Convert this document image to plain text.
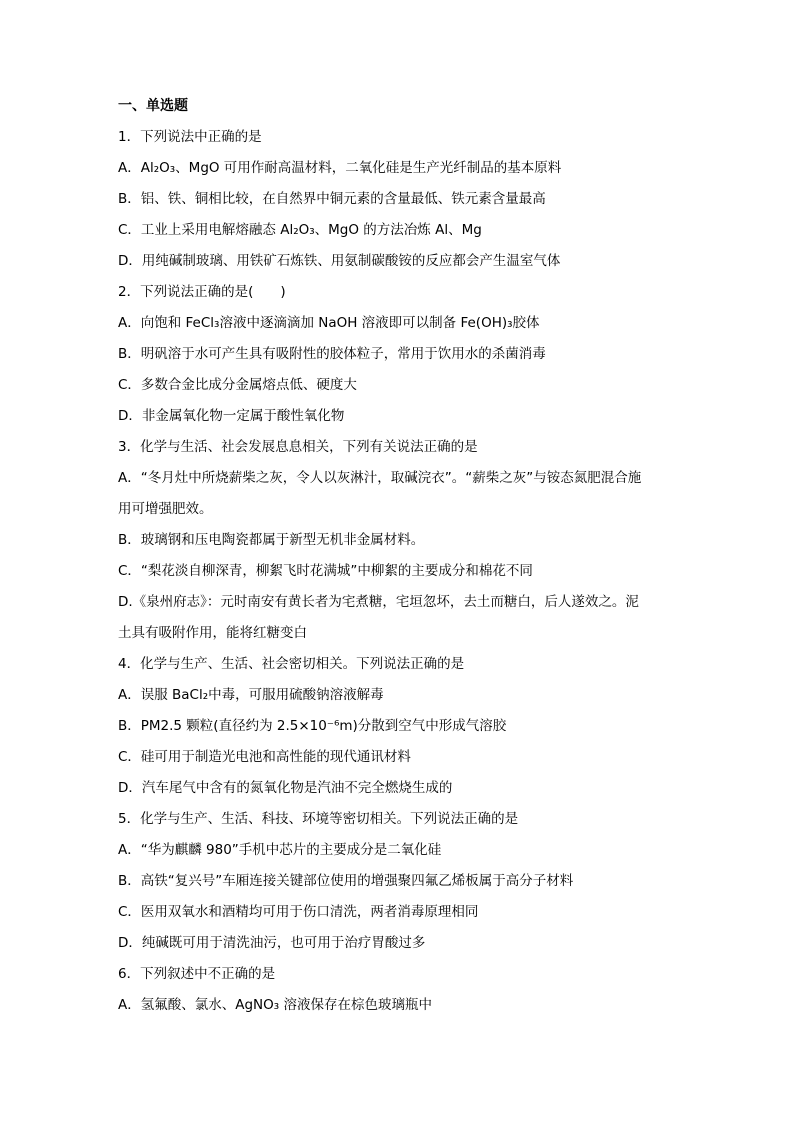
一、单选题
1．下列说法中正确的是
A．Al₂O₃、MgO 可用作耐高温材料，二氧化硅是生产光纤制品的基本原料
B．铝、铁、铜相比较，在自然界中铜元素的含量最低、铁元素含量最高
C．工业上采用电解熔融态 Al₂O₃、MgO 的方法冶炼 Al、Mg
D．用纯碱制玻璃、用铁矿石炼铁、用氨制碳酸铵的反应都会产生温室气体
2．下列说法正确的是(　　)
A．向饱和 FeCl₃溶液中逐滴滴加 NaOH 溶液即可以制备 Fe(OH)₃胶体
B．明矾溶于水可产生具有吸附性的胶体粒子，常用于饮用水的杀菌消毒
C．多数合金比成分金属熔点低、硬度大
D．非金属氧化物一定属于酸性氧化物
3．化学与生活、社会发展息息相关，下列有关说法正确的是
A．“冬月灶中所烧薪柴之灰，令人以灰淋汁，取碱浣衣”。“薪柴之灰”与铵态氮肥混合施
用可增强肥效。
B．玻璃钢和压电陶瓷都属于新型无机非金属材料。
C．“梨花淡自柳深青，柳絮飞时花满城”中柳絮的主要成分和棉花不同
D.《泉州府志》：元时南安有黄长者为宅煮糖，宅垣忽坏，去土而糖白，后人遂效之。泥
土具有吸附作用，能将红糖变白
4．化学与生产、生活、社会密切相关。下列说法正确的是
A．误服 BaCl₂中毒，可服用硫酸钠溶液解毒
B．PM2.5 颗粒(直径约为 2.5×10⁻⁶m)分散到空气中形成气溶胶
C．硅可用于制造光电池和高性能的现代通讯材料
D．汽车尾气中含有的氮氧化物是汽油不完全燃烧生成的
5．化学与生产、生活、科技、环境等密切相关。下列说法正确的是
A．“华为麒麟 980”手机中芯片的主要成分是二氧化硅
B．高铁“复兴号”车厢连接关键部位使用的增强聚四氟乙烯板属于高分子材料
C．医用双氧水和酒精均可用于伤口清洗，两者消毒原理相同
D．纯碱既可用于清洗油污，也可用于治疗胃酸过多
6．下列叙述中不正确的是
A．氢氟酸、氯水、AgNO₃ 溶液保存在棕色玻璃瓶中
